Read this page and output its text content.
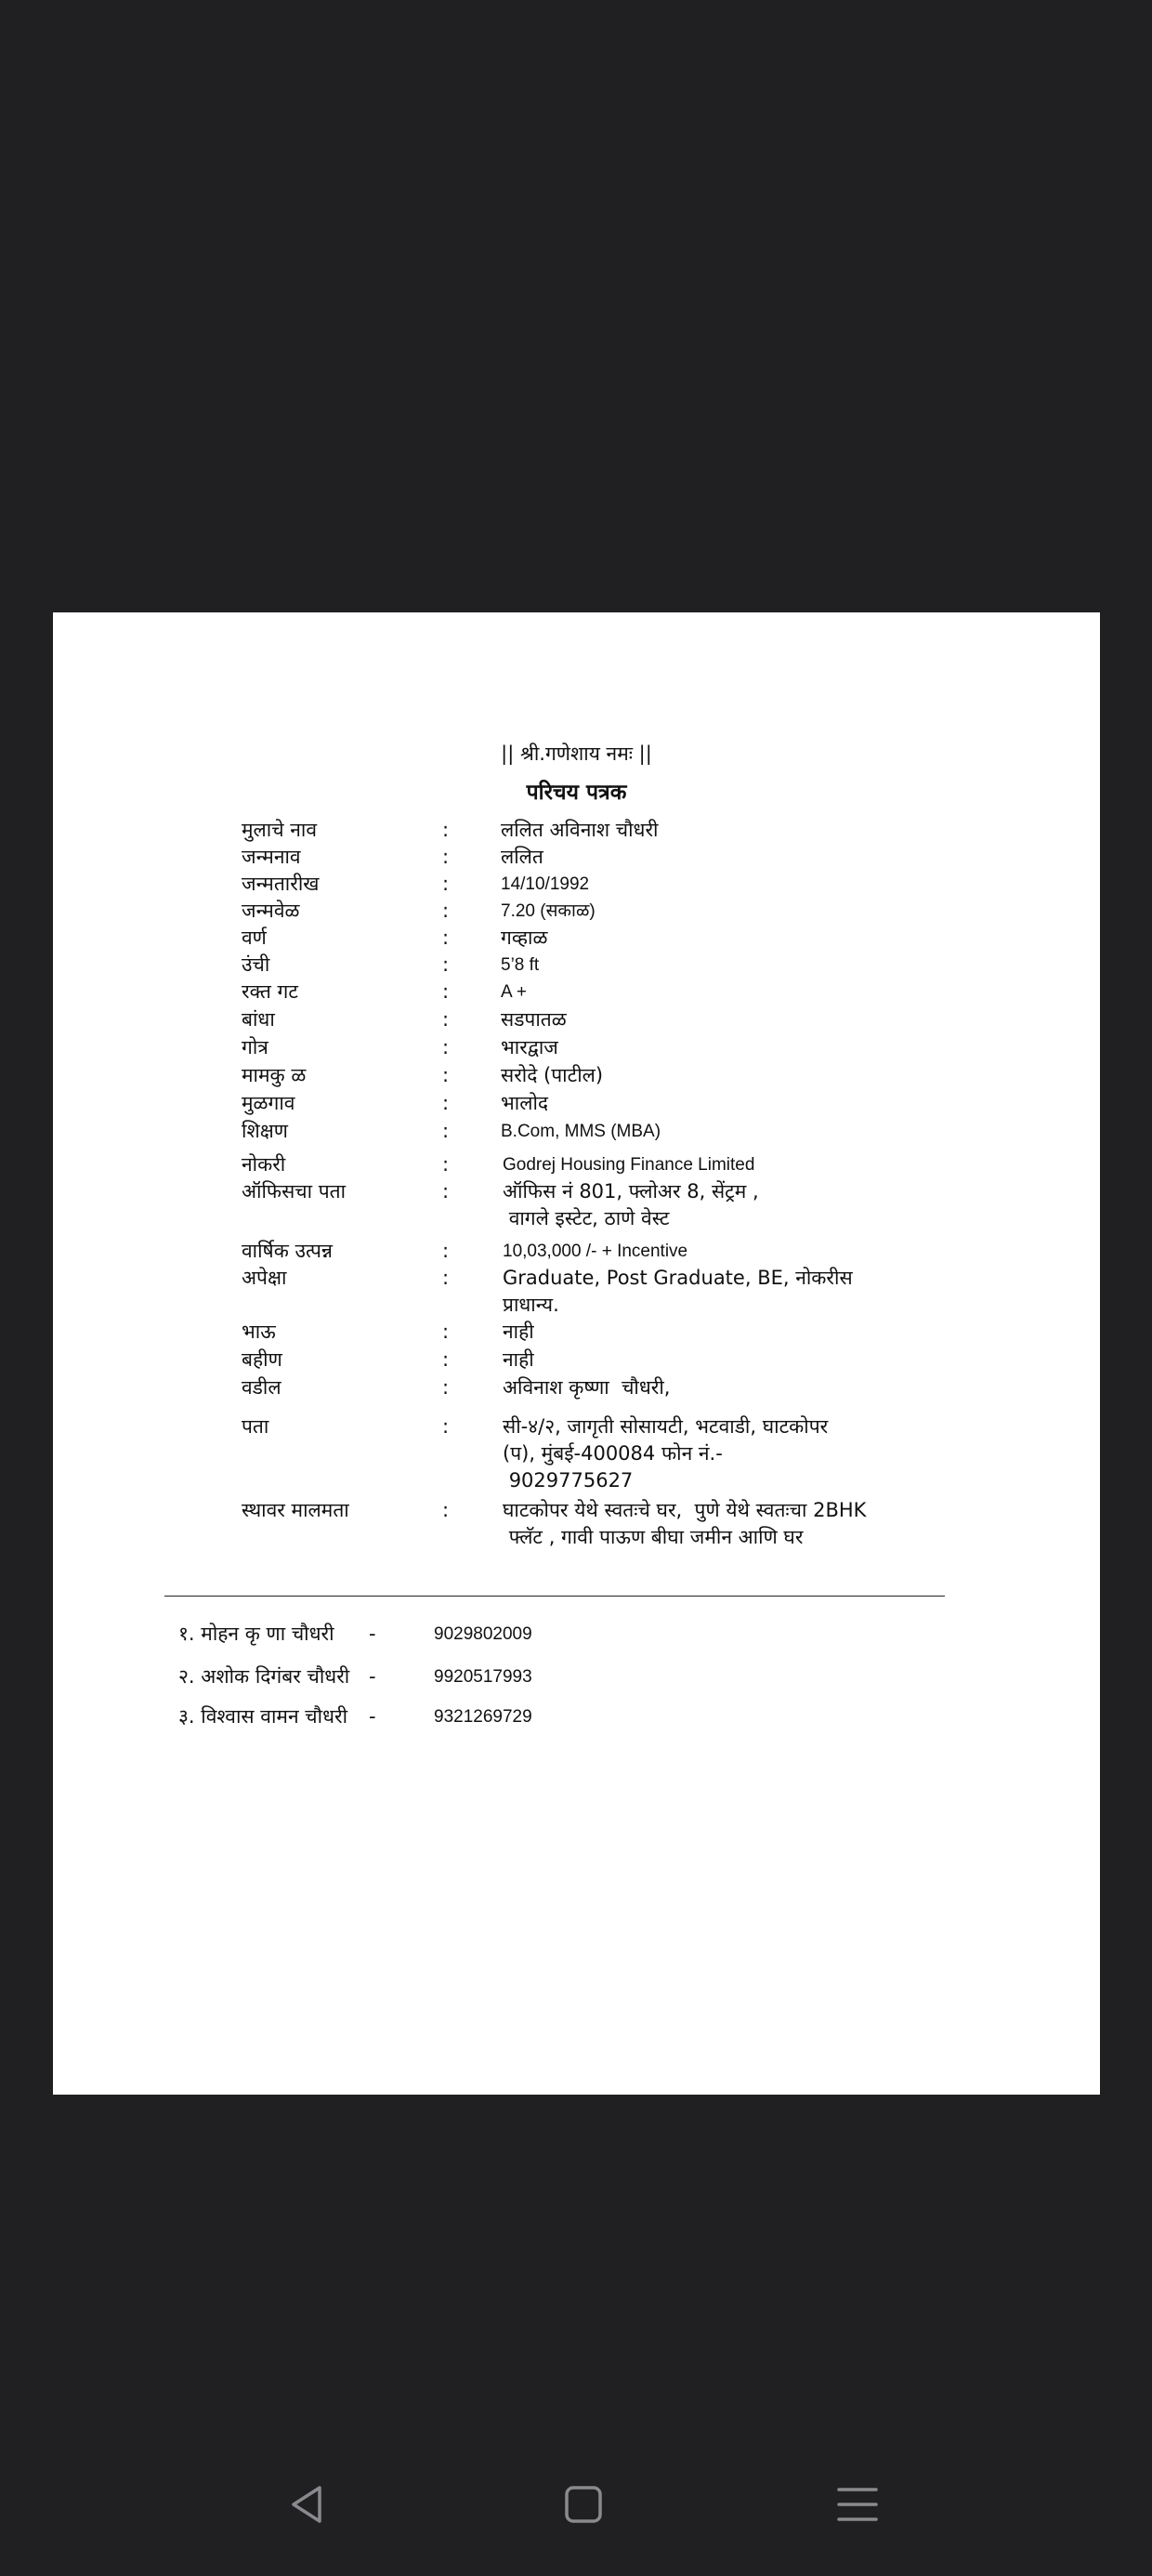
|| श्री.गणेशाय नमः ||
परिचय पत्रक
मुलाचे नाव	:	ललित अविनाश चौधरी
जन्मनाव	:	ललित
जन्मतारीख	:	14/10/1992
जन्मवेळ	:	7.20 (सकाळ)
वर्ण	:	गव्हाळ
उंची	:	5’8 ft
रक्त गट	:	A +
बांधा	:	सडपातळ
गोत्र	:	भारद्वाज
मामकु ळ	:	सरोदे (पाटील)
मुळगाव	:	भालोद
शिक्षण	:	B.Com, MMS (MBA)
नोकरी	:	Godrej Housing Finance Limited
ऑफिसचा पता	:	ऑफिस नं 801, फ्लोअर 8, सेंट्रम ,
वागले इस्टेट, ठाणे वेस्ट
वार्षिक उत्पन्न	:	10,03,000 /- + Incentive
अपेक्षा	:	Graduate, Post Graduate, BE, नोकरीस
प्राधान्य.
भाऊ	:	नाही
बहीण	:	नाही
वडील	:	अविनाश कृष्णा  चौधरी,
पता	:	सी-४/२, जागृती सोसायटी, भटवाडी, घाटकोपर
(प), मुंबई-400084 फोन नं.-
9029775627
स्थावर मालमता	:	घाटकोपर येथे स्वतःचे घर,  पुणे येथे स्वतःचा 2BHK
फ्लॅट , गावी पाऊण बीघा जमीन आणि घर
१. मोहन कृ णा चौधरी -	9029802009
२. अशोक दिगंबर चौधरी -	9920517993
३. विश्वास वामन चौधरी -	9321269729
